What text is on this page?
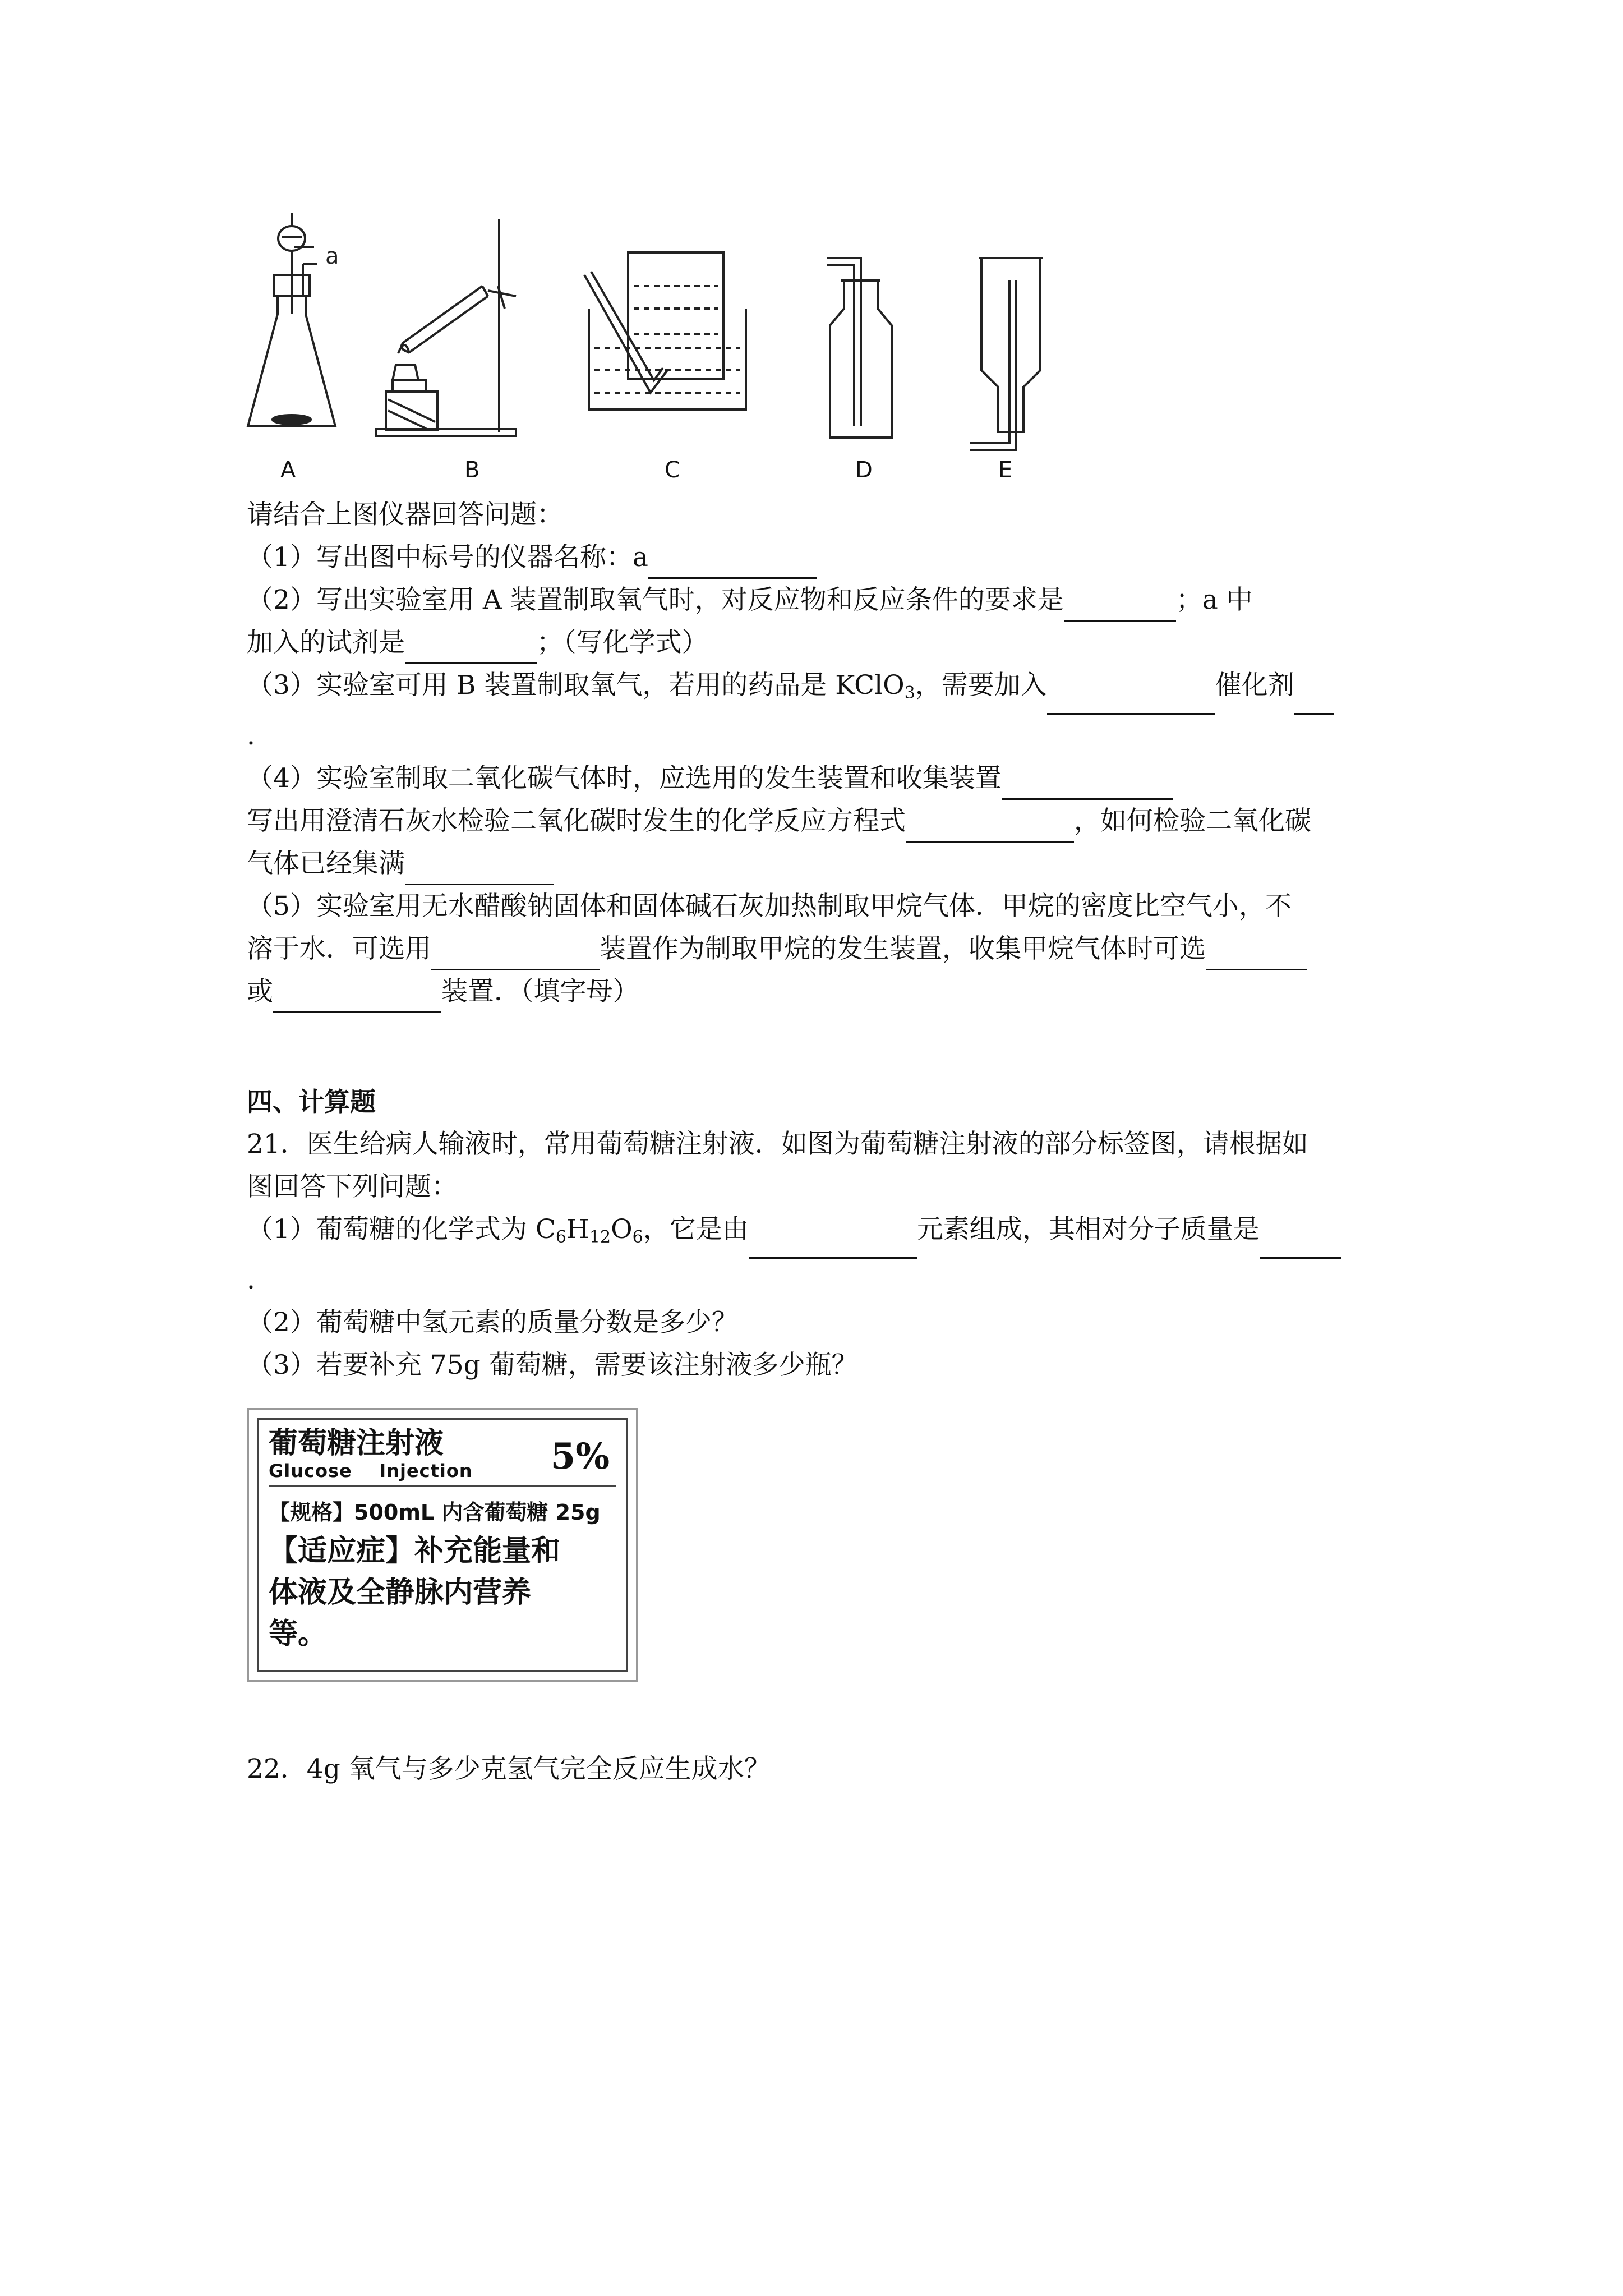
a
A	B	C	D	E
请结合上图仪器回答问题：
（1）写出图中标号的仪器名称：a
（2）写出实验室用 A 装置制取氧气时，对反应物和反应条件的要求是	；a 中
加入的试剂是	；（写化学式）
（3）实验室可用 B 装置制取氧气，若用的药品是 KClO$_3$，需要加入	催化剂
.
（4）实验室制取二氧化碳气体时，应选用的发生装置和收集装置
写出用澄清石灰水检验二氧化碳时发生的化学反应方程式	，如何检验二氧化碳
气体已经集满
（5）实验室用无水醋酸钠固体和固体碱石灰加热制取甲烷气体．甲烷的密度比空气小，不
溶于水．可选用	装置作为制取甲烷的发生装置，收集甲烷气体时可选
或	装置．（填字母）
四、计算题
21．医生给病人输液时，常用葡萄糖注射液．如图为葡萄糖注射液的部分标签图，请根据如
图回答下列问题：
（1）葡萄糖的化学式为 $C_6H_{12}O_6$，它是由	元素组成，其相对分子质量是
.
（2）葡萄糖中氢元素的质量分数是多少？
（3）若要补充 75g 葡萄糖，需要该注射液多少瓶？
葡萄糖注射液	5%
Glucose    Injection
【规格】500mL 内含葡萄糖 25g
【适应症】补充能量和
体液及全静脉内营养
等。
22．4g 氧气与多少克氢气完全反应生成水？
